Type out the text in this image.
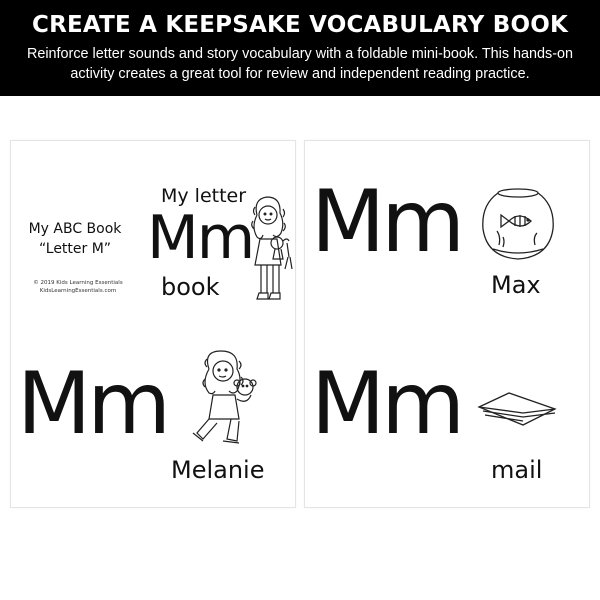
CREATE A KEEPSAKE VOCABULARY BOOK
Reinforce letter sounds and story vocabulary with a foldable mini-book. This hands-on activity creates a great tool for review and independent reading practice.
My ABC Book
“Letter M”
© 2019 Kids Learning Essentials
KidsLearningEssentials.com
My letter
Mm
book
Mm
Melanie
Mm
Max
Mm
mail
